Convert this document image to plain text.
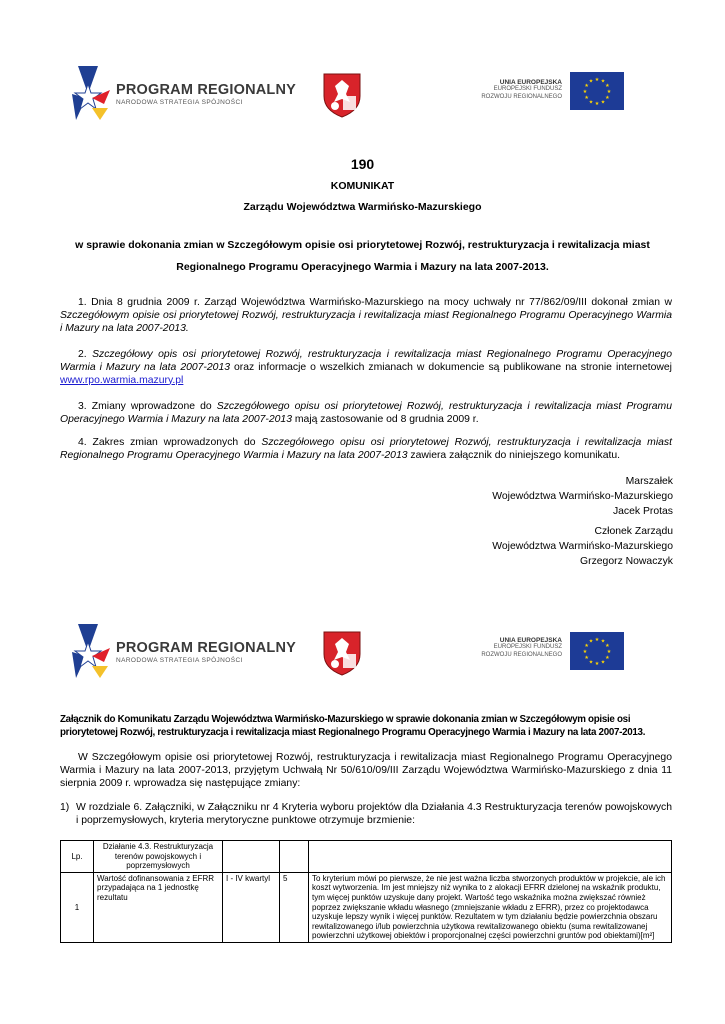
PROGRAM REGIONALNY
NARODOWA STRATEGIA SPÓJNOŚCI
UNIA EUROPEJSKA
EUROPEJSKI FUNDUSZ
ROZWOJU REGIONALNEGO
★ ★
★
★
★
★
★
★
★
★
★
★
190
KOMUNIKAT
Zarządu Województwa Warmińsko-Mazurskiego
w sprawie dokonania zmian w Szczegółowym opisie osi priorytetowej Rozwój, restrukturyzacja i rewitalizacja miast
Regionalnego Programu Operacyjnego Warmia i Mazury na lata 2007-2013.
1. Dnia 8 grudnia 2009 r. Zarząd Województwa Warmińsko-Mazurskiego na mocy uchwały nr 77/862/09/III dokonał zmian w Szczegółowym opisie osi priorytetowej Rozwój, restrukturyzacja i rewitalizacja miast Regionalnego Programu Operacyjnego Warmia i Mazury na lata 2007-2013.
2. Szczegółowy opis osi priorytetowej Rozwój, restrukturyzacja i rewitalizacja miast Regionalnego Programu Operacyjnego Warmia i Mazury na lata 2007-2013 oraz informacje o wszelkich zmianach w dokumencie są publikowane na stronie internetowej www.rpo.warmia.mazury.pl
3. Zmiany wprowadzone do Szczegółowego opisu osi priorytetowej Rozwój, restrukturyzacja i rewitalizacja miast Programu Operacyjnego Warmia i Mazury na lata 2007-2013 mają zastosowanie od 8 grudnia 2009 r.
4. Zakres zmian wprowadzonych do Szczegółowego opisu osi priorytetowej Rozwój, restrukturyzacja i rewitalizacja miast Regionalnego Programu Operacyjnego Warmia i Mazury na lata 2007-2013 zawiera załącznik do niniejszego komunikatu.
Marszałek
Województwa Warmińsko-Mazurskiego
Jacek Protas
Członek Zarządu
Województwa Warmińsko-Mazurskiego
Grzegorz Nowaczyk
PROGRAM REGIONALNY
NARODOWA STRATEGIA SPÓJNOŚCI
UNIA EUROPEJSKA
EUROPEJSKI FUNDUSZ
ROZWOJU REGIONALNEGO
★ ★
★
★
★
★
★
★
★
★
★
★
Załącznik do Komunikatu Zarządu Województwa Warmińsko-Mazurskiego w sprawie dokonania zmian w Szczegółowym opisie osi
priorytetowej Rozwój, restrukturyzacja i rewitalizacja miast Regionalnego Programu Operacyjnego Warmia i Mazury na lata 2007-2013.
W Szczegółowym opisie osi priorytetowej Rozwój, restrukturyzacja i rewitalizacja miast Regionalnego Programu Operacyjnego Warmia i Mazury na lata 2007-2013, przyjętym Uchwałą Nr 50/610/09/III Zarządu Województwa Warmińsko-Mazurskiego z dnia 11 sierpnia 2009 r. wprowadza się następujące zmiany:
1) W rozdziale 6. Załączniki, w Załączniku nr 4 Kryteria wyboru projektów dla Działania 4.3 Restrukturyzacja terenów powojskowych i poprzemysłowych, kryteria merytoryczne punktowe otrzymuje brzmienie:
Lp.	Działanie 4.3. Restrukturyzacja terenów powojskowych i poprzemysłowych			
1	Wartość dofinansowania z EFRR przypadająca na 1 jednostkę rezultatu	I - IV kwartyl	5	To kryterium mówi po pierwsze, że nie jest ważna liczba stworzonych produktów w projekcie, ale ich koszt wytworzenia. Im jest mniejszy niż wynika to z alokacji EFRR dzielonej na wskaźnik produktu, tym więcej punktów uzyskuje dany projekt. Wartość tego wskaźnika można zwiększać również poprzez zwiększanie wkładu własnego (zmniejszanie wkładu z EFRR), przez co projektodawca uzyskuje lepszy wynik i więcej punktów. Rezultatem w tym działaniu będzie powierzchnia obszaru rewitalizowanego i/lub powierzchnia użytkowa rewitalizowanego obiektu (suma rewitalizowanej powierzchni użytkowej obiektów i proporcjonalnej części powierzchni gruntów pod obiektami)[m²]
